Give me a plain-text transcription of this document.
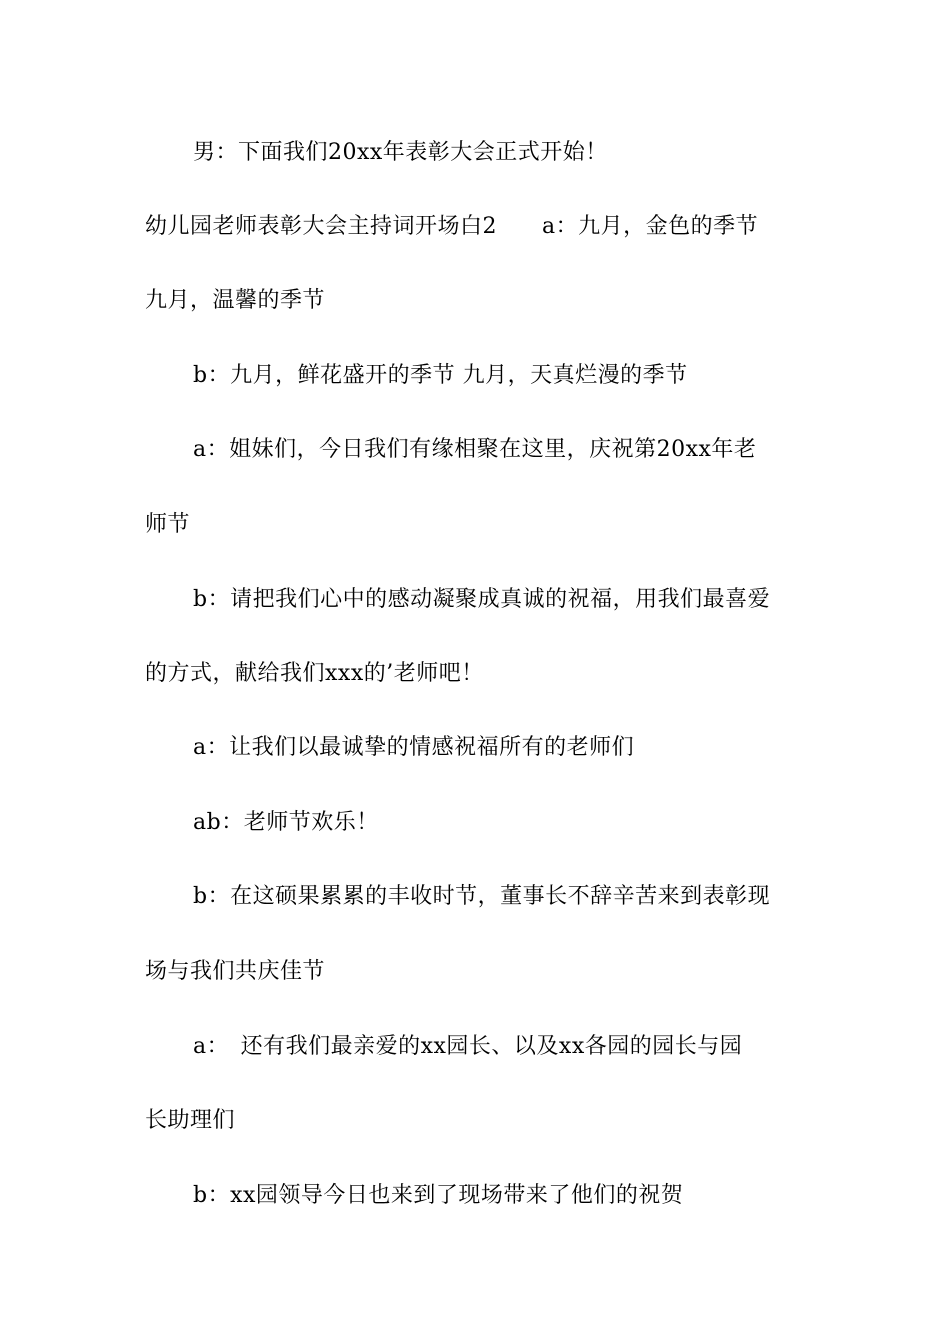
男：下面我们20xx年表彰大会正式开始！
幼儿园老师表彰大会主持词开场白2　　a：九月，金色的季节
九月，温馨的季节
b：九月，鲜花盛开的季节 九月，天真烂漫的季节
a：姐妹们，今日我们有缘相聚在这里，庆祝第20xx年老
师节
b：请把我们心中的感动凝聚成真诚的祝福，用我们最喜爱
的方式，献给我们xxx的’老师吧！
a：让我们以最诚挚的情感祝福所有的老师们
ab：老师节欢乐！
b：在这硕果累累的丰收时节，董事长不辞辛苦来到表彰现
场与我们共庆佳节
a：　还有我们最亲爱的xx园长、以及xx各园的园长与园
长助理们
b：xx园领导今日也来到了现场带来了他们的祝贺
